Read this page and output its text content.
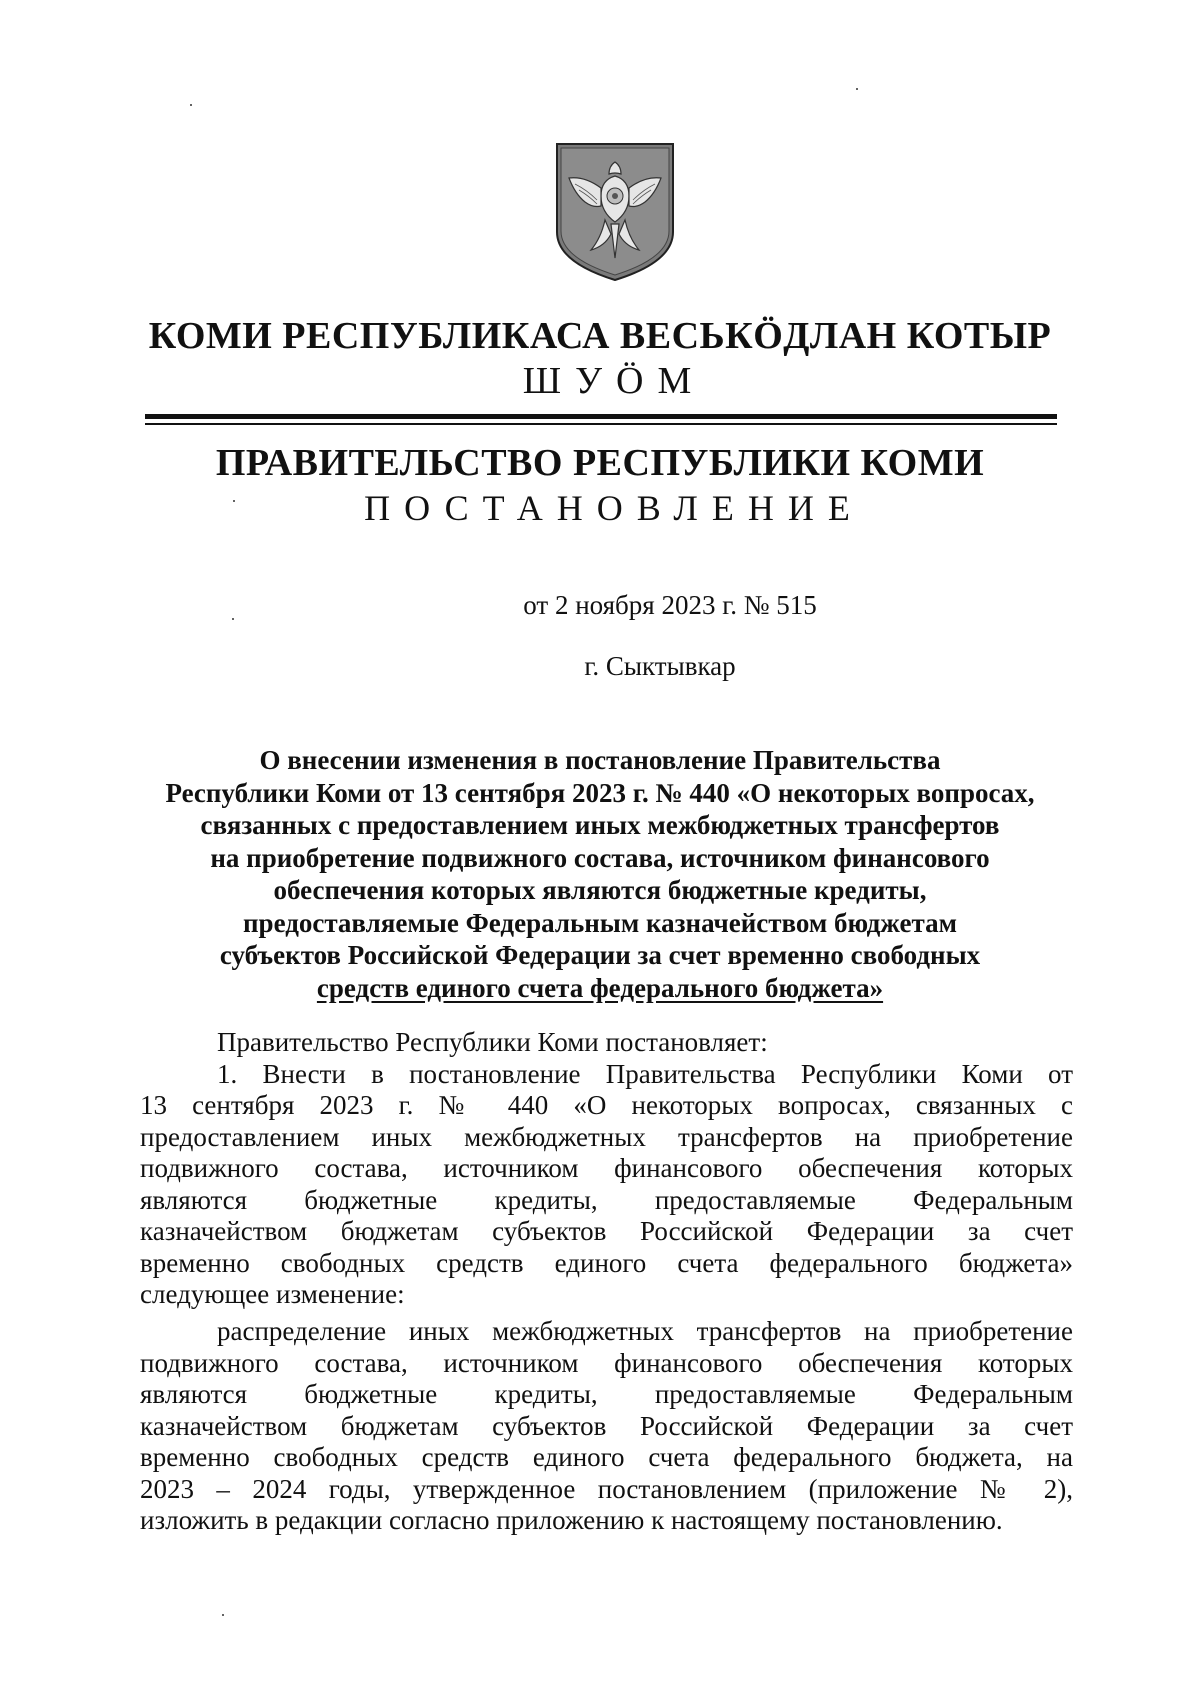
КОМИ РЕСПУБЛИКАСА ВЕСЬКӦДЛАН КОТЫР
ШУӦМ
ПРАВИТЕЛЬСТВО РЕСПУБЛИКИ КОМИ
ПОСТАНОВЛЕНИЕ
от 2 ноября 2023 г. № 515
г. Сыктывкар
О внесении изменения в постановление Правительства
Республики Коми от 13 сентября 2023 г. № 440 «О некоторых вопросах,
связанных с предоставлением иных межбюджетных трансфертов
на приобретение подвижного состава, источником финансового
обеспечения которых являются бюджетные кредиты,
предоставляемые Федеральным казначейством бюджетам
субъектов Российской Федерации за счет временно свободных
средств единого счета федерального бюджета»
Правительство Республики Коми постановляет:
1. Внести в постановление Правительства Республики Коми от
13 сентября 2023 г. № 440 «О некоторых вопросах, связанных с
предоставлением иных межбюджетных трансфертов на приобретение
подвижного состава, источником финансового обеспечения которых
являются бюджетные кредиты, предоставляемые Федеральным
казначейством бюджетам субъектов Российской Федерации за счет
временно свободных средств единого счета федерального бюджета»
следующее изменение:
распределение иных межбюджетных трансфертов на приобретение
подвижного состава, источником финансового обеспечения которых
являются бюджетные кредиты, предоставляемые Федеральным
казначейством бюджетам субъектов Российской Федерации за счет
временно свободных средств единого счета федерального бюджета, на
2023 – 2024 годы, утвержденное постановлением (приложение № 2),
изложить в редакции согласно приложению к настоящему постановлению.
